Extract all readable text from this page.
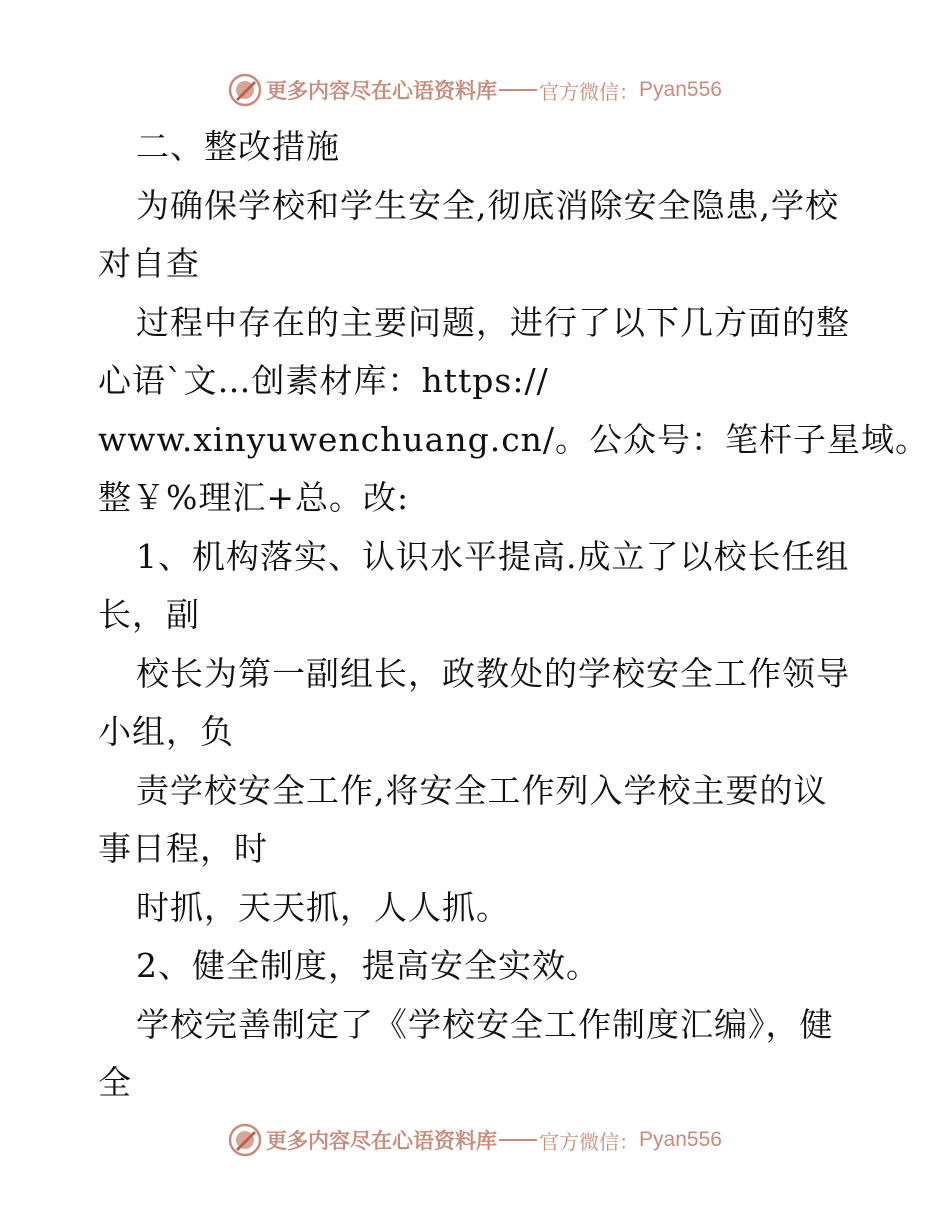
更多内容尽在心语资料库 官方微信： Pyan556
二、整改措施
为确保学校和学生安全,彻底消除安全隐患,学校
对自查
过程中存在的主要问题，进行了以下几方面的整
心语`文…创素材库：https://
www.xinyuwenchuang.cn/。公众号：笔杆子星域。
整￥%理汇+总。改:
1、机构落实、认识水平提高.成立了以校长任组
长，副
校长为第一副组长，政教处的学校安全工作领导
小组，负
责学校安全工作,将安全工作列入学校主要的议
事日程，时
时抓，天天抓，人人抓。
2、健全制度，提高安全实效。
学校完善制定了《学校安全工作制度汇编》，健
全
更多内容尽在心语资料库 官方微信： Pyan556
